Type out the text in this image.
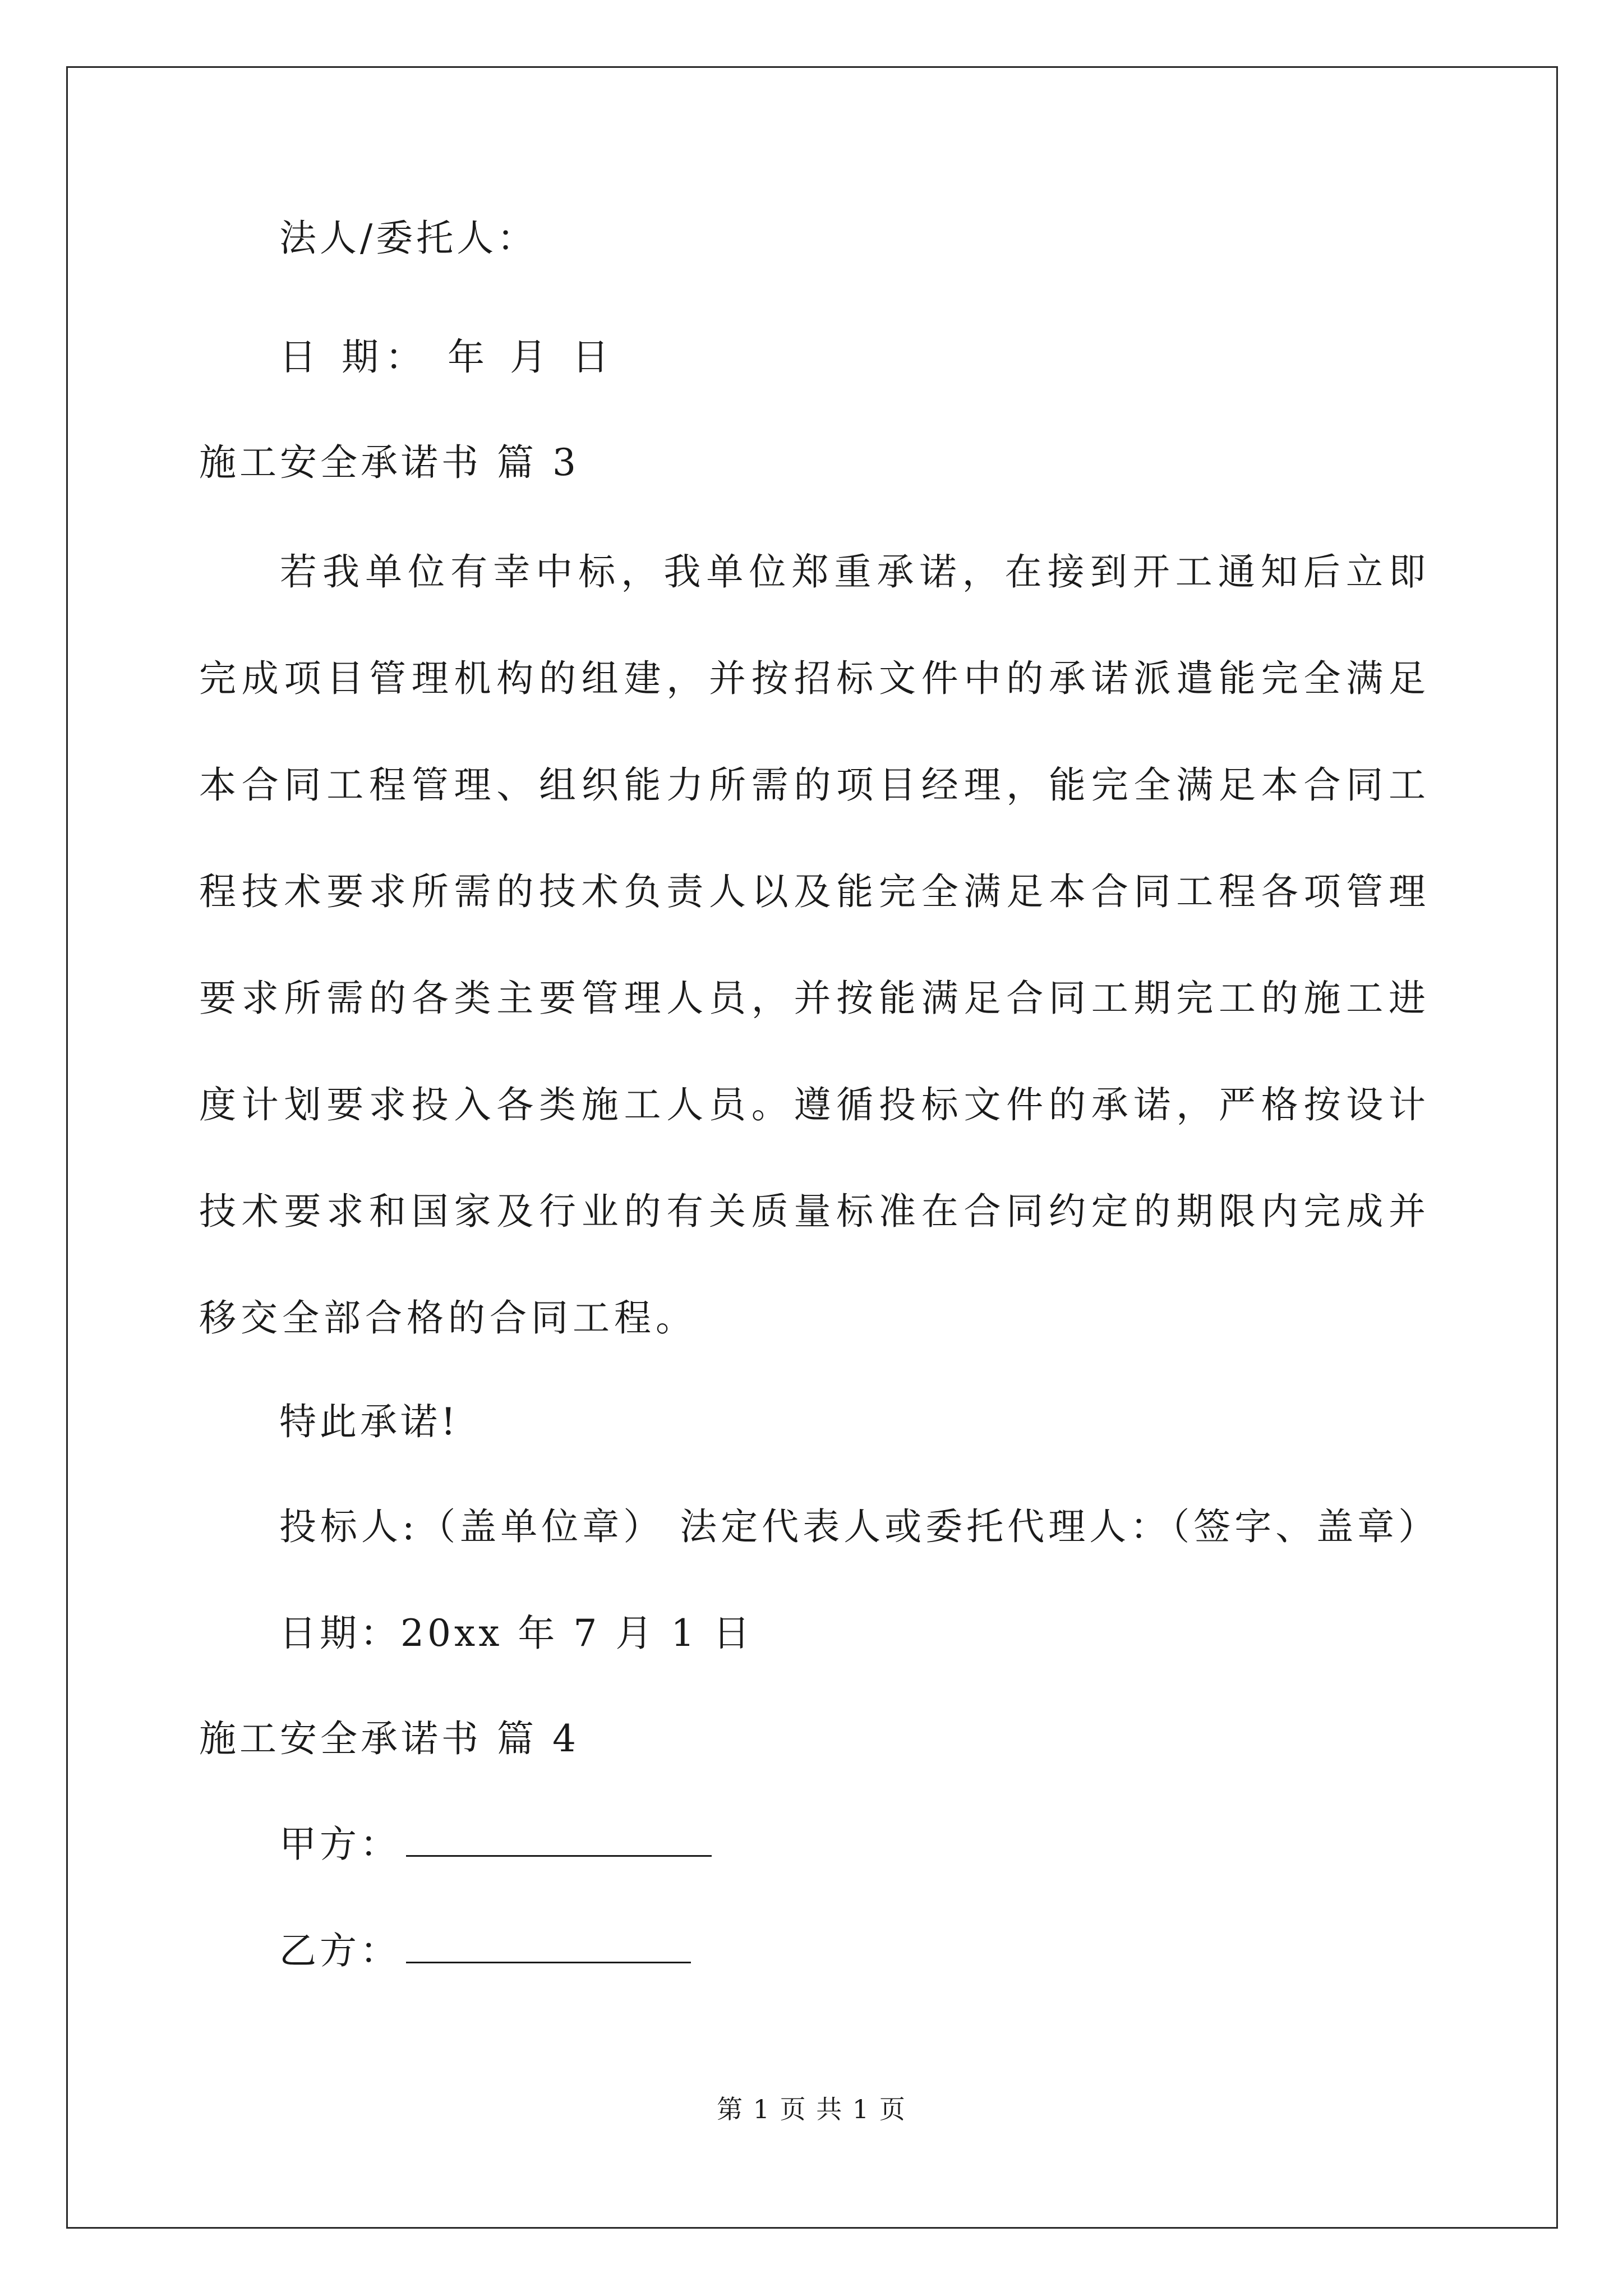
法人/委托人：
日 期： 年 月 日
施工安全承诺书 篇 3

若我单位有幸中标，我单位郑重承诺，在接到开工通知后立即完成项目管理机构的组建，并按招标文件中的承诺派遣能完全满足本合同工程管理、组织能力所需的项目经理，能完全满足本合同工程技术要求所需的技术负责人以及能完全满足本合同工程各项管理要求所需的各类主要管理人员，并按能满足合同工期完工的施工进度计划要求投入各类施工人员。遵循投标文件的承诺，严格按设计技术要求和国家及行业的有关质量标准在合同约定的期限内完成并移交全部合格的合同工程。

特此承诺!
投标人:（盖单位章） 法定代表人或委托代理人：（签字、盖章）
日期：20xx 年 7 月 1 日
施工安全承诺书 篇 4
甲方：
乙方：
第 1 页 共 1 页
